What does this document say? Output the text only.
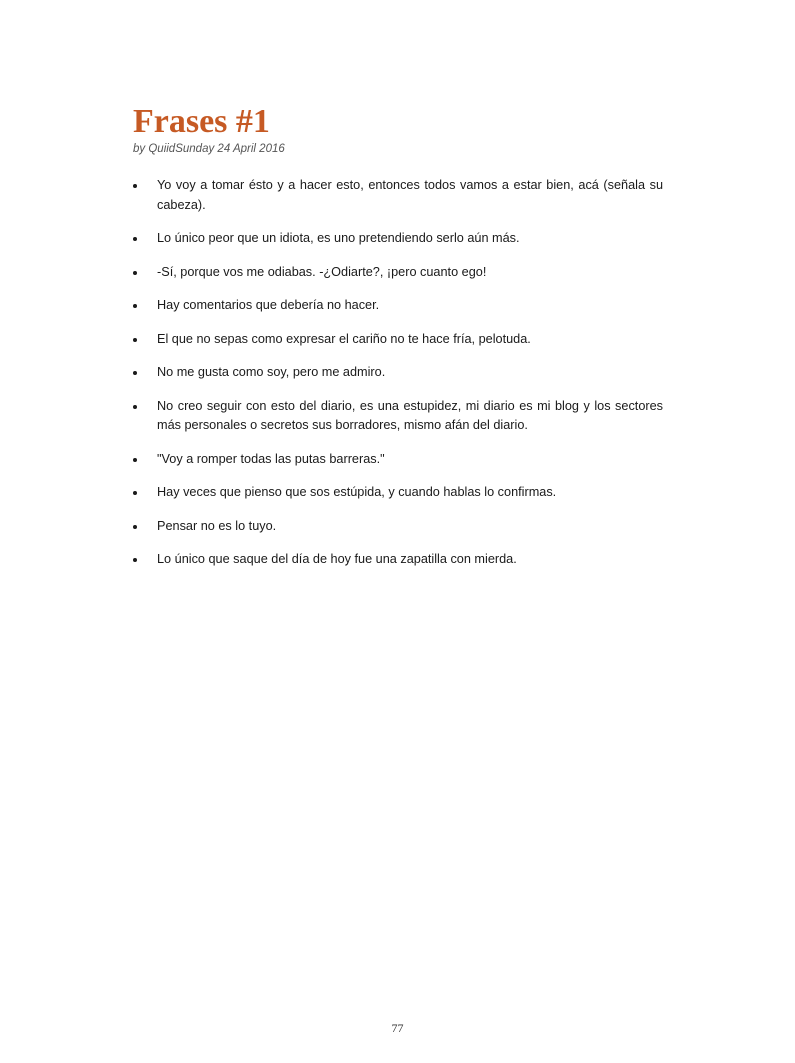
Frases #1
by QuiidSunday 24 April 2016
Yo voy a tomar ésto y a hacer esto, entonces todos vamos a estar bien, acá (señala su cabeza).
Lo único peor que un idiota, es uno pretendiendo serlo aún más.
-Sí, porque vos me odiabas. -¿Odiarte?, ¡pero cuanto ego!
Hay comentarios que debería no hacer.
El que no sepas como expresar el cariño no te hace fría, pelotuda.
No me gusta como soy, pero me admiro.
No creo seguir con esto del diario, es una estupidez, mi diario es mi blog y los sectores más personales o secretos sus borradores, mismo afán del diario.
"Voy a romper todas las putas barreras."
Hay veces que pienso que sos estúpida, y cuando hablas lo confirmas.
Pensar no es lo tuyo.
Lo único que saque del día de hoy fue una zapatilla con mierda.
77
